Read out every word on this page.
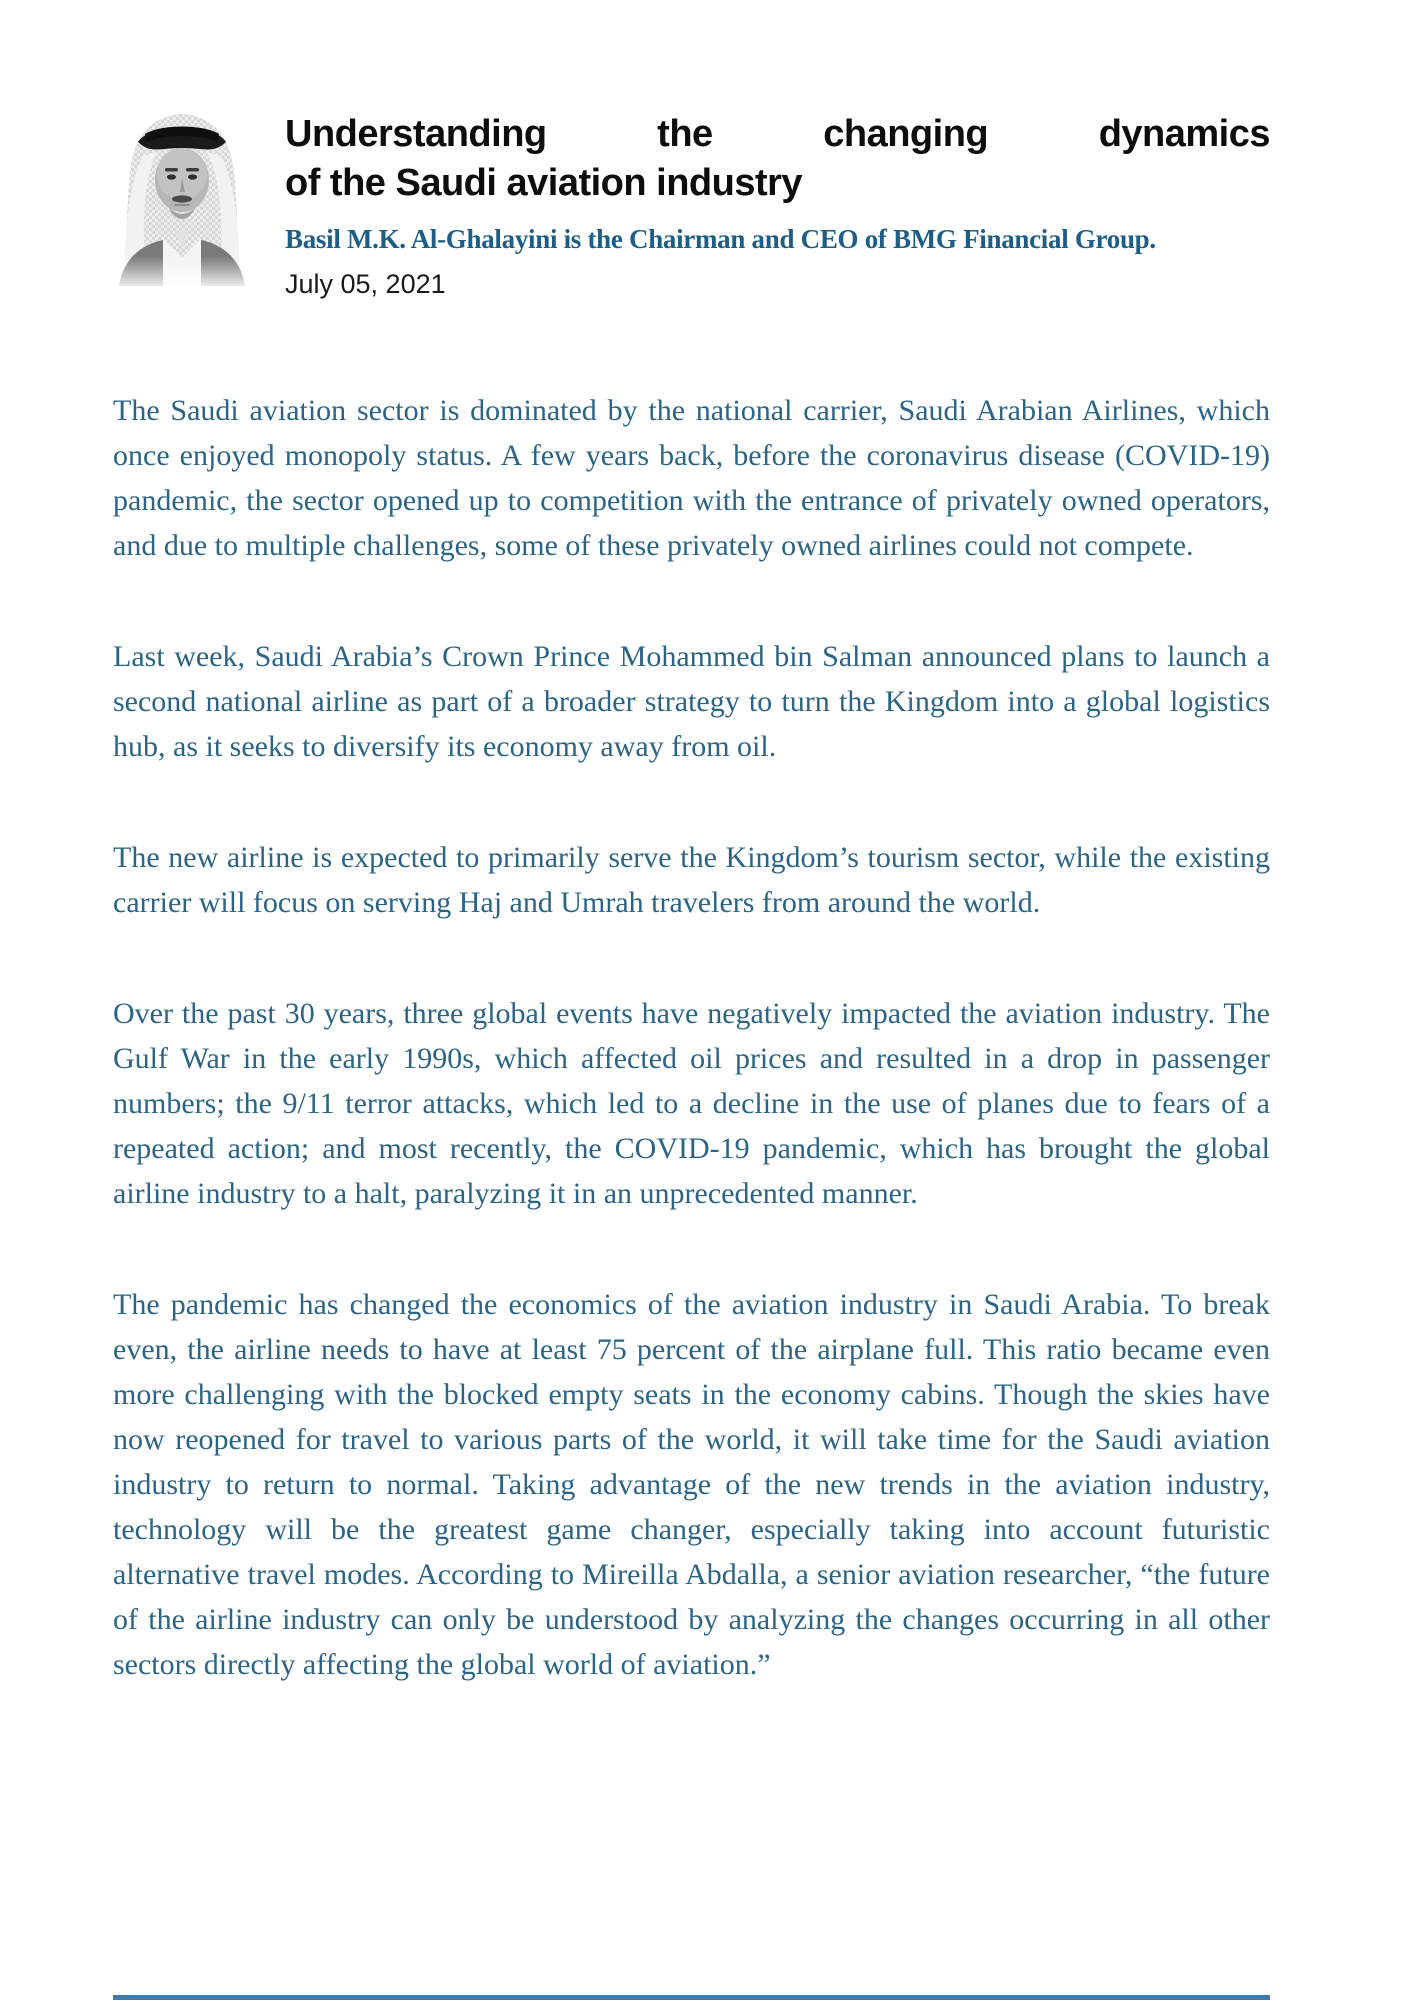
Understanding the changing dynamics
of the Saudi aviation industry

Basil M.K. Al-Ghalayini is the Chairman and CEO of BMG Financial Group.

July 05, 2021

The Saudi aviation sector is dominated by the national carrier, Saudi Arabian Airlines, which once enjoyed monopoly status. A few years back, before the coronavirus disease (COVID-19) pandemic, the sector opened up to competition with the entrance of privately owned operators, and due to multiple challenges, some of these privately owned airlines could not compete.

Last week, Saudi Arabia’s Crown Prince Mohammed bin Salman announced plans to launch a second national airline as part of a broader strategy to turn the Kingdom into a global logistics hub, as it seeks to diversify its economy away from oil.

The new airline is expected to primarily serve the Kingdom’s tourism sector, while the existing carrier will focus on serving Haj and Umrah travelers from around the world.

Over the past 30 years, three global events have negatively impacted the aviation industry. The Gulf War in the early 1990s, which affected oil prices and resulted in a drop in passenger numbers; the 9/11 terror attacks, which led to a decline in the use of planes due to fears of a repeated action; and most recently, the COVID-19 pandemic, which has brought the global airline industry to a halt, paralyzing it in an unprecedented manner.

The pandemic has changed the economics of the aviation industry in Saudi Arabia. To break even, the airline needs to have at least 75 percent of the airplane full. This ratio became even more challenging with the blocked empty seats in the economy cabins. Though the skies have now reopened for travel to various parts of the world, it will take time for the Saudi aviation industry to return to normal. Taking advantage of the new trends in the aviation industry, technology will be the greatest game changer, especially taking into account futuristic alternative travel modes. According to Mireilla Abdalla, a senior aviation researcher, “the future of the airline industry can only be understood by analyzing the changes occurring in all other sectors directly affecting the global world of aviation.”
